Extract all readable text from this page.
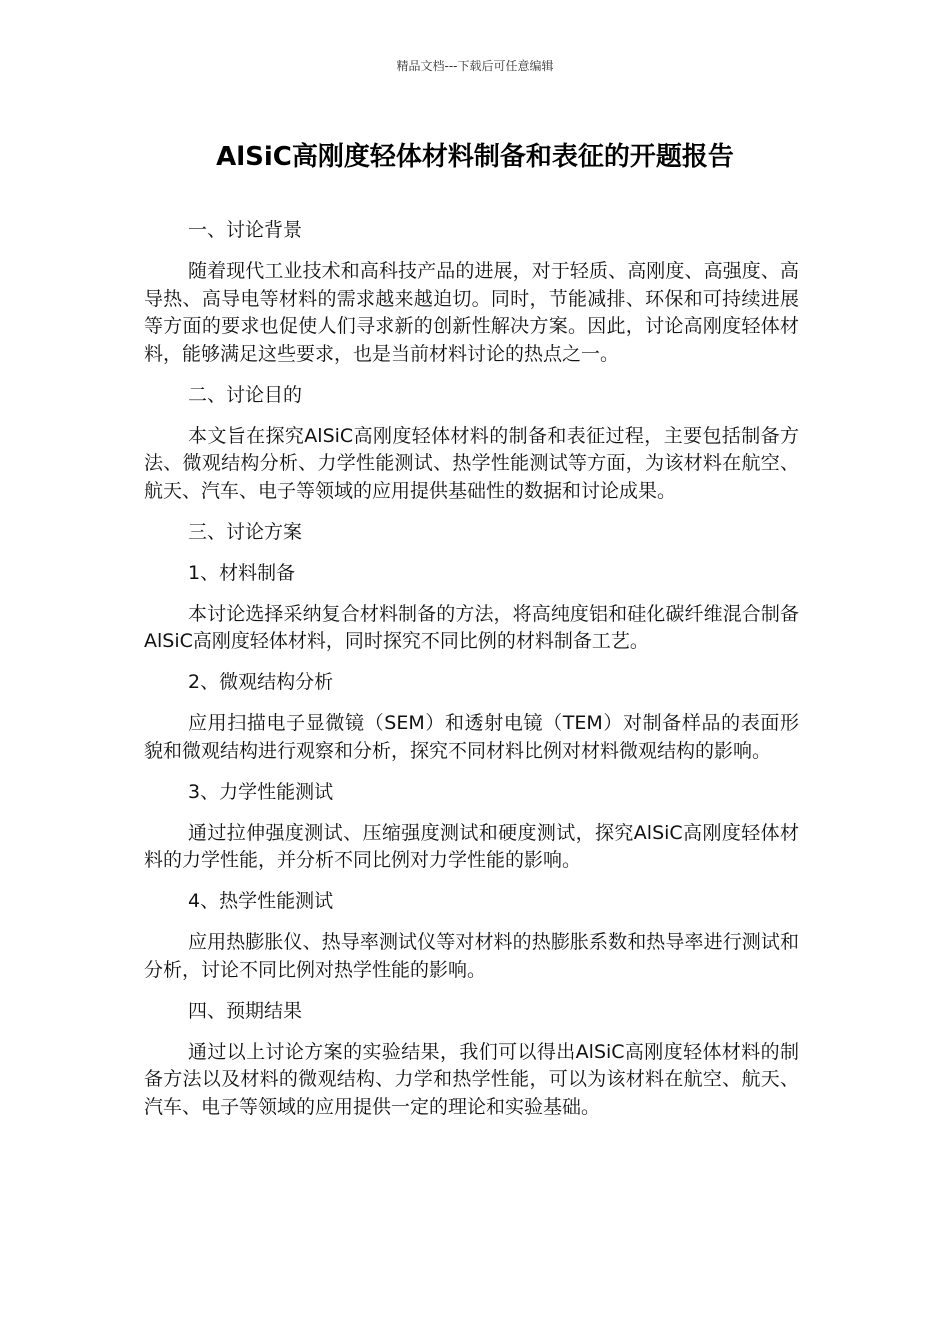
精品文档---下载后可任意编辑
AlSiC高刚度轻体材料制备和表征的开题报告

一、讨论背景

随着现代工业技术和高科技产品的进展，对于轻质、高刚度、高强度、高导热、高导电等材料的需求越来越迫切。同时，节能减排、环保和可持续进展等方面的要求也促使人们寻求新的创新性解决方案。因此，讨论高刚度轻体材料，能够满足这些要求，也是当前材料讨论的热点之一。

二、讨论目的

本文旨在探究AlSiC高刚度轻体材料的制备和表征过程，主要包括制备方法、微观结构分析、力学性能测试、热学性能测试等方面，为该材料在航空、航天、汽车、电子等领域的应用提供基础性的数据和讨论成果。

三、讨论方案

1、材料制备

本讨论选择采纳复合材料制备的方法，将高纯度铝和硅化碳纤维混合制备AlSiC高刚度轻体材料，同时探究不同比例的材料制备工艺。

2、微观结构分析

应用扫描电子显微镜（SEM）和透射电镜（TEM）对制备样品的表面形貌和微观结构进行观察和分析，探究不同材料比例对材料微观结构的影响。

3、力学性能测试

通过拉伸强度测试、压缩强度测试和硬度测试，探究AlSiC高刚度轻体材料的力学性能，并分析不同比例对力学性能的影响。

4、热学性能测试

应用热膨胀仪、热导率测试仪等对材料的热膨胀系数和热导率进行测试和分析，讨论不同比例对热学性能的影响。

四、预期结果

通过以上讨论方案的实验结果，我们可以得出AlSiC高刚度轻体材料的制备方法以及材料的微观结构、力学和热学性能，可以为该材料在航空、航天、汽车、电子等领域的应用提供一定的理论和实验基础。
